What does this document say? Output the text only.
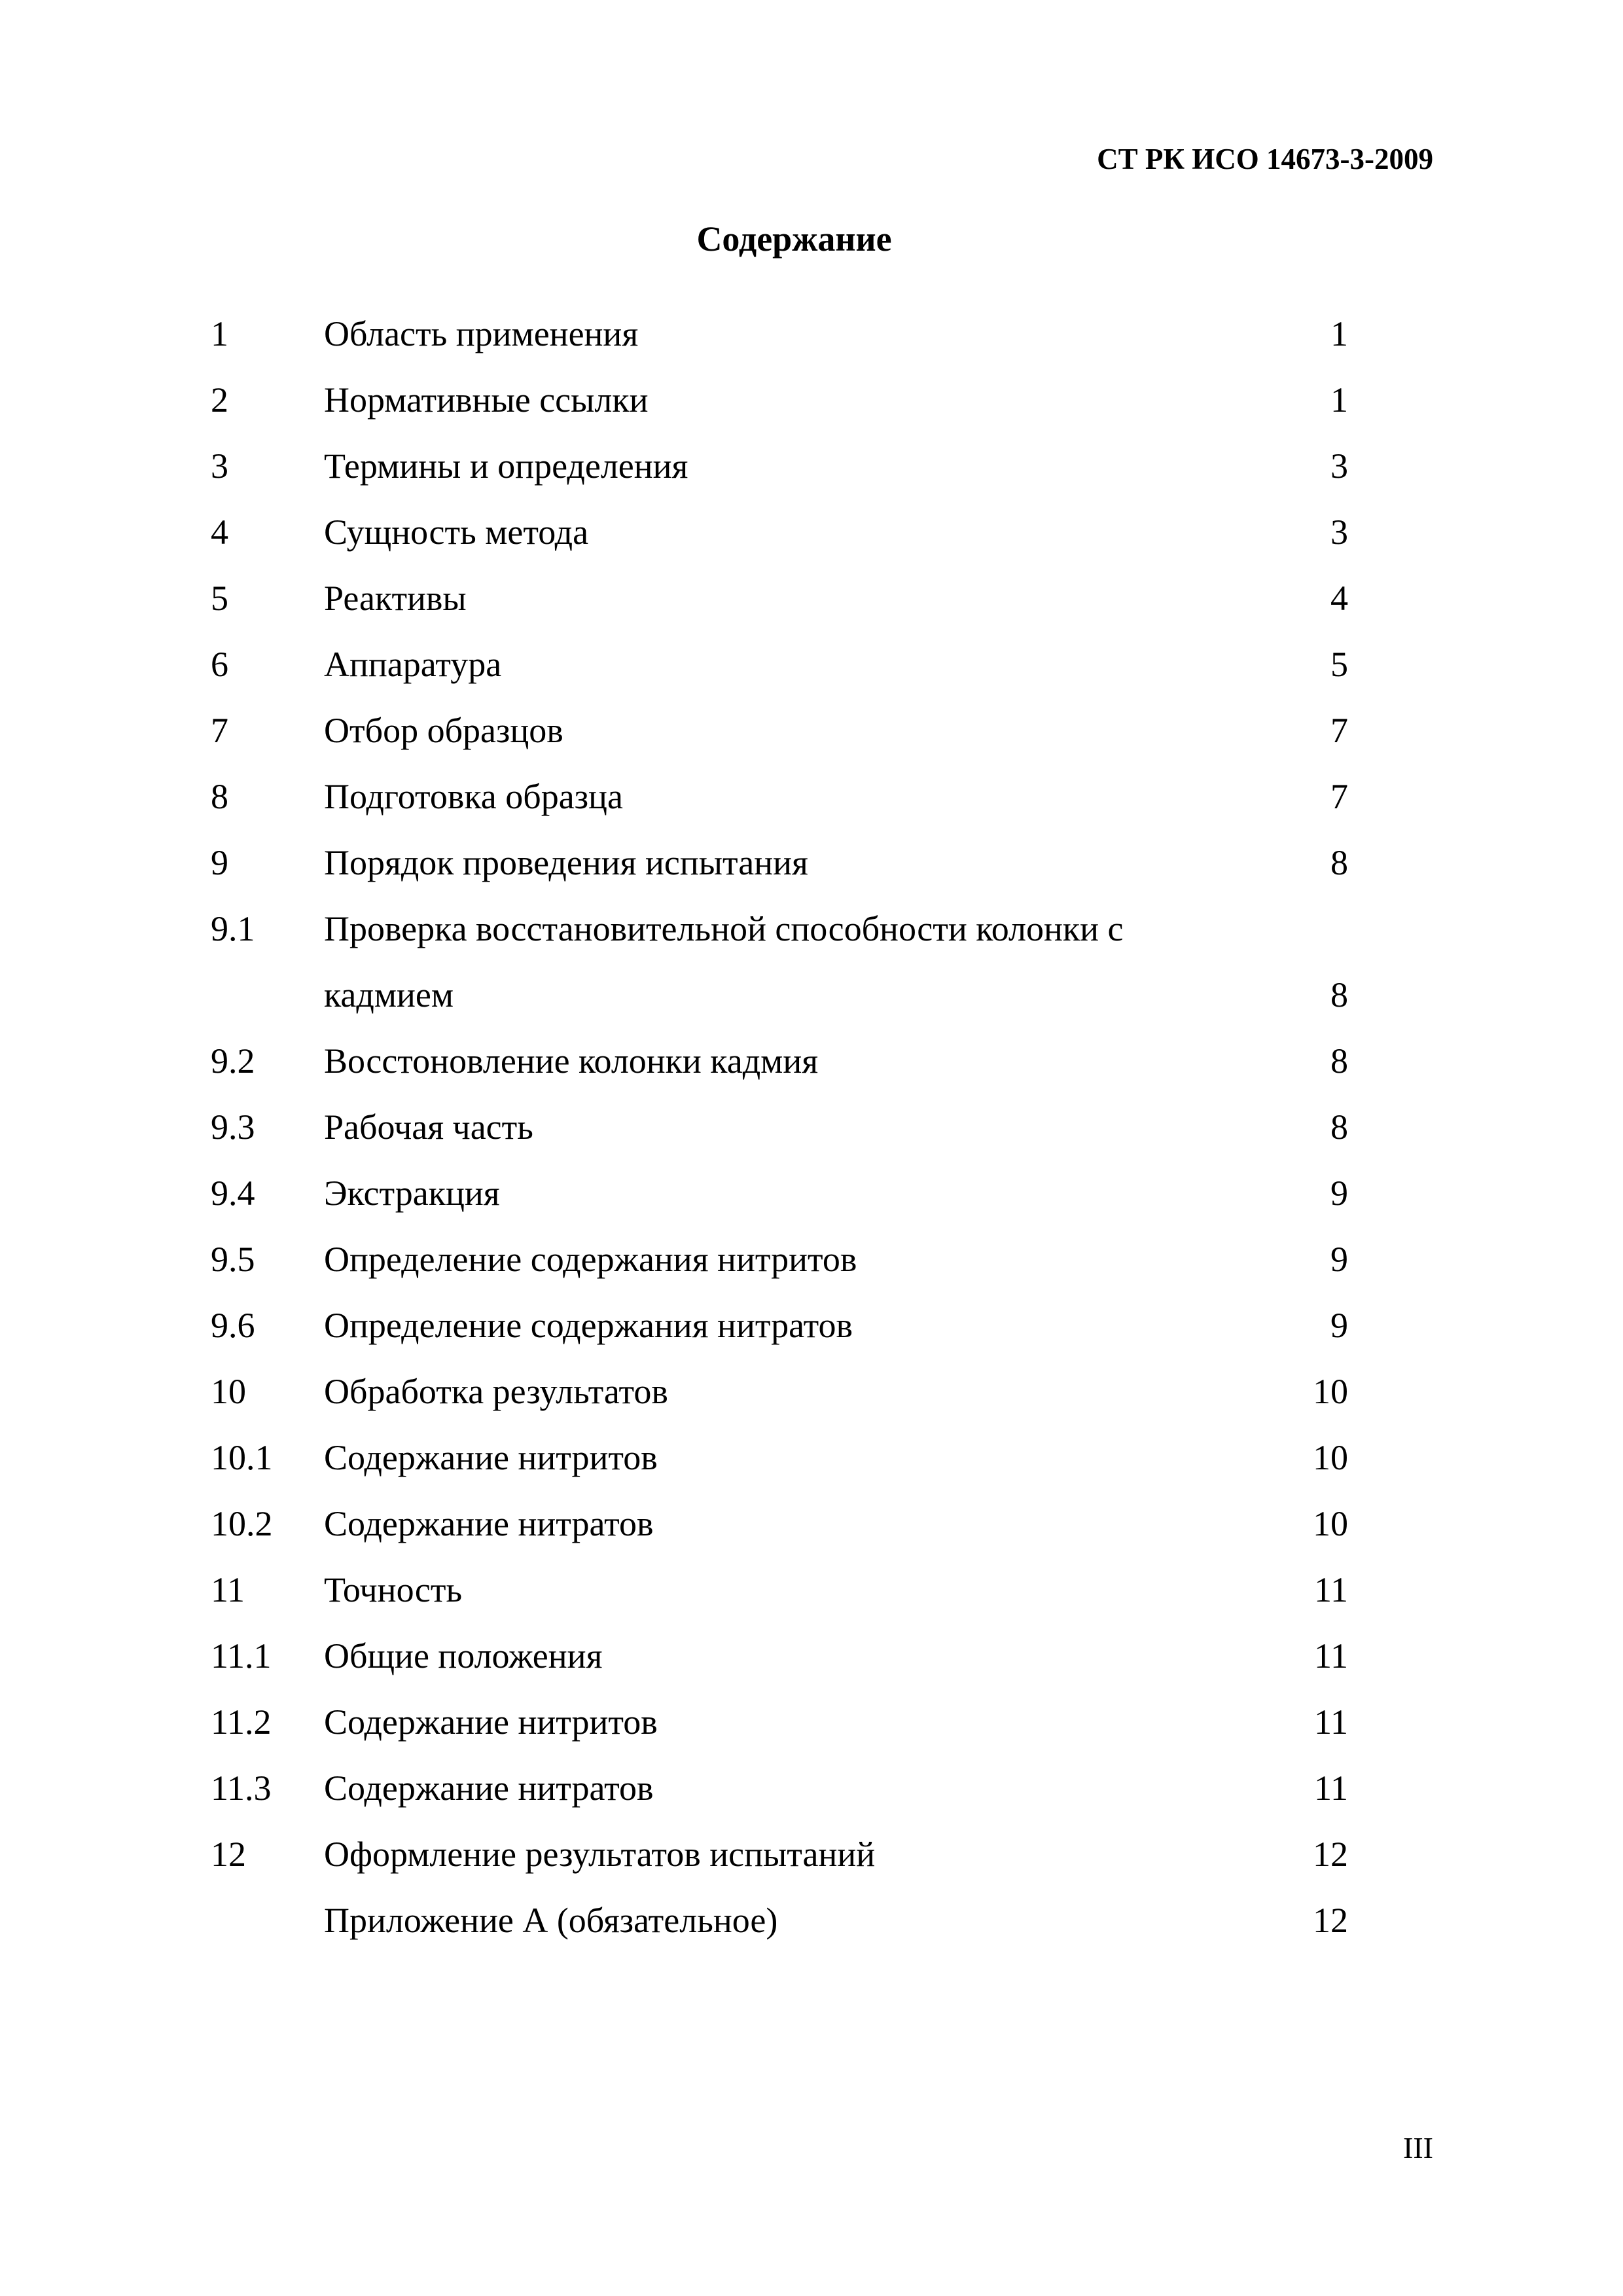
СТ РК ИСО 14673-3-2009
Содержание
1	Область применения	1
2	Нормативные ссылки	1
3	Термины и определения	3
4	Сущность метода	3
5	Реактивы	4
6	Аппаратура	5
7	Отбор образцов	7
8	Подготовка образца	7
9	Порядок проведения испытания	8
9.1 Проверка восстановительной способности колонки с кадмием	8
9.2 Восстоновление колонки кадмия	8
9.3 Рабочая часть	8
9.4 Экстракция	9
9.5 Определение содержания нитритов	9
9.6 Определение содержания нитратов	9
10 Обработка результатов	10
10.1 Содержание нитритов	10
10.2 Содержание нитратов	10
11 Точность	11
11.1 Общие положения	11
11.2 Содержание нитритов	11
11.3 Содержание нитратов	11
12 Оформление результатов испытаний	12
Приложение А (обязательное)	12
III
